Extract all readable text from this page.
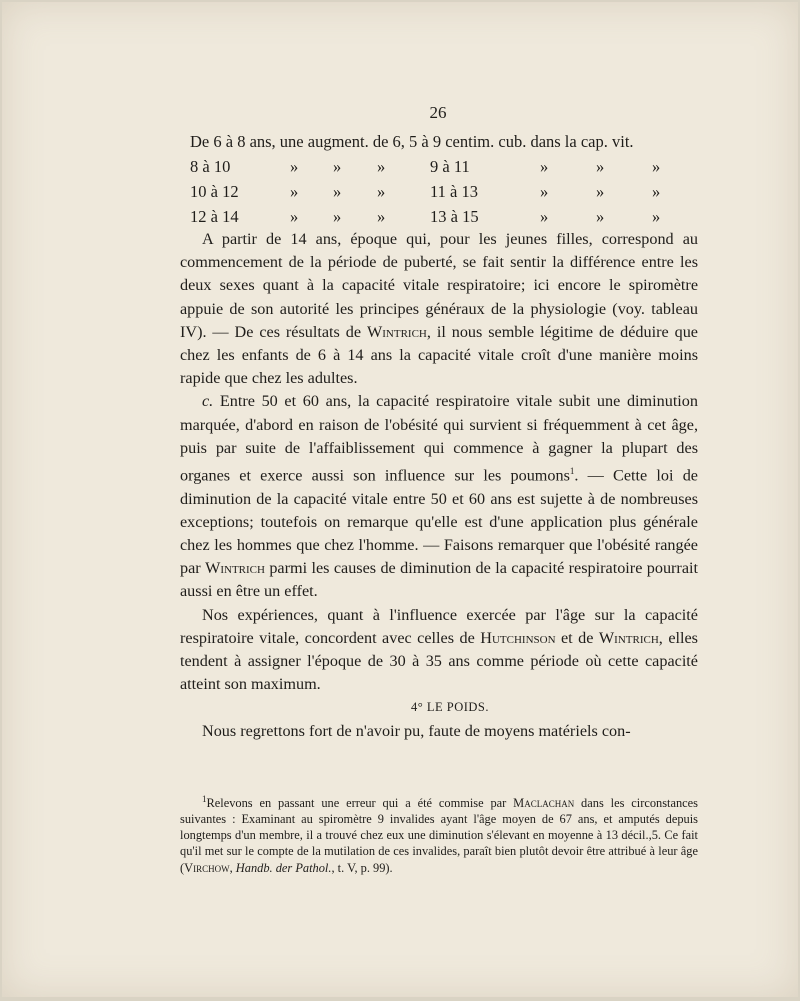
26
De 6 à 8 ans, une augment. de 6, 5 à 9 centim. cub. dans la cap. vit.
8 à 10	» » »	9 à 11	»	»	»
10 à 12	» » »	11 à 13	»	»	»
12 à 14	» » »	13 à 15	»	»	»

A partir de 14 ans, époque qui, pour les jeunes filles, correspond au commencement de la période de puberté, se fait sentir la différence entre les deux sexes quant à la capacité vitale respiratoire; ici encore le spiromètre appuie de son autorité les principes généraux de la physiologie (voy. tableau IV). — De ces résultats de Wintrich, il nous semble légitime de déduire que chez les enfants de 6 à 14 ans la capacité vitale croît d'une manière moins rapide que chez les adultes.

c. Entre 50 et 60 ans, la capacité respiratoire vitale subit une diminution marquée, d'abord en raison de l'obésité qui survient si fréquemment à cet âge, puis par suite de l'affaiblissement qui commence à gagner la plupart des organes et exerce aussi son influence sur les poumons$^1$. — Cette loi de diminution de la capacité vitale entre 50 et 60 ans est sujette à de nombreuses exceptions; toutefois on remarque qu'elle est d'une application plus générale chez les hommes que chez l'homme. — Faisons remarquer que l'obésité rangée par Wintrich parmi les causes de diminution de la capacité respiratoire pourrait aussi en être un effet.

Nos expériences, quant à l'influence exercée par l'âge sur la capacité respiratoire vitale, concordent avec celles de Hutchinson et de Wintrich, elles tendent à assigner l'époque de 30 à 35 ans comme période où cette capacité atteint son maximum.

4° LE POIDS.

Nous regrettons fort de n'avoir pu, faute de moyens matériels con-

$^1$Relevons en passant une erreur qui a été commise par Maclachan dans les circonstances suivantes : Examinant au spiromètre 9 invalides ayant l'âge moyen de 67 ans, et amputés depuis longtemps d'un membre, il a trouvé chez eux une diminution s'élevant en moyenne à 13 décil.,5. Ce fait qu'il met sur le compte de la mutilation de ces invalides, paraît bien plutôt devoir être attribué à leur âge (Virchow, Handb. der Pathol., t. V, p. 99).
